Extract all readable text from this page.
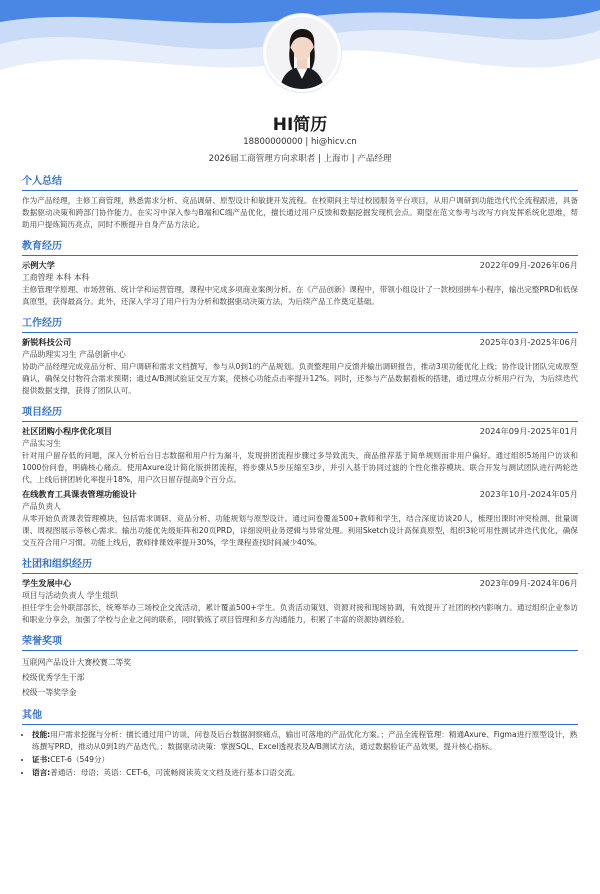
HI简历
18800000000 | hi@hicv.cn
2026届工商管理方向求职者 | 上海市 | 产品经理
个人总结
作为产品经理，主修工商管理，熟悉需求分析、竞品调研、原型设计和敏捷开发流程。在校期间主导过校园服务平台项目，从用户调研到功能迭代代全流程跟进，具备数据驱动决策和跨部门协作能力。在实习中深入参与B端和C端产品优化，擅长通过用户反馈和数据挖掘发现机会点。期望在范文参考与改写方向发挥系统化思维，帮助用户提炼简历亮点，同时不断提升自身产品方法论。
教育经历
示例大学	2022年09月-2026年06月
工商管理 本科 本科
主修管理学原理、市场营销、统计学和运营管理，课程中完成多项商业案例分析。在《产品创新》课程中，带领小组设计了一款校园拼车小程序，输出完整PRD和低保真原型，获得最高分。此外，还深入学习了用户行为分析和数据驱动决策方法，为后续产品工作奠定基础。
工作经历
新锐科技公司	2025年03月-2025年06月
产品助理实习生 产品创新中心
协助产品经理完成竞品分析、用户调研和需求文档撰写，参与从0到1的产品规划。负责整理用户反馈并输出调研报告，推动3项功能优化上线；协作设计团队完成原型确认，确保交付物符合需求预期；通过A/B测试验证交互方案，使核心功能点击率提升12%。同时，还参与产品数据看板的搭建，通过埋点分析用户行为，为后续迭代提供数据支撑，获得了团队认可。
项目经历
社区团购小程序优化项目	2024年09月-2025年01月
产品实习生
针对用户留存低的问题，深入分析后台日志数据和用户行为漏斗，发现拼团流程步骤过多导致流失，商品推荐基于简单规则而非用户偏好。通过组织5场用户访谈和1000份问卷，明确核心痛点。使用Axure设计简化版拼团流程，将步骤从5步压缩至3步，并引入基于协同过滤的个性化推荐模块。联合开发与测试团队进行两轮迭代，上线后拼团转化率提升18%，用户次日留存提高9个百分点。
在线教育工具课表管理功能设计	2023年10月-2024年05月
产品负责人
从零开始负责课表管理模块，包括需求调研、竞品分析、功能规划与原型设计。通过问卷覆盖500+教师和学生，结合深度访谈20人，梳理出课时冲突检测、批量调课、周视图展示等核心需求。输出功能优先级矩阵和20页PRD，详细说明业务逻辑与异常处理。利用Sketch设计高保真原型，组织3轮可用性测试并迭代优化，确保交互符合用户习惯。功能上线后，教师排课效率提升30%，学生课程查找时间减少40%。
社团和组织经历
学生发展中心	2023年09月-2024年06月
项目与活动负责人 学生组织
担任学生会外联部部长，统筹举办三场校企交流活动，累计覆盖500+学生。负责活动策划、资源对接和现场协调，有效提升了社团的校内影响力。通过组织企业参访和职业分享会，加强了学校与企业之间的联系，同时锻炼了项目管理和多方沟通能力，积累了丰富的资源协调经验。
荣誉奖项
互联网产品设计大赛校赛二等奖
校级优秀学生干部
校级一等奖学金
其他
• 技能:用户需求挖掘与分析：擅长通过用户访谈、问卷及后台数据洞察痛点，输出可落地的产品优化方案。；产品全流程管理：精通Axure、Figma进行原型设计，熟练撰写PRD，推动从0到1的产品迭代。；数据驱动决策：掌握SQL、Excel透视表及A/B测试方法，通过数据验证产品效果，提升核心指标。
• 证书:CET-6（549分）
• 语言:普通话：母语；英语：CET-6，可流畅阅读英文文档及进行基本口语交流。
